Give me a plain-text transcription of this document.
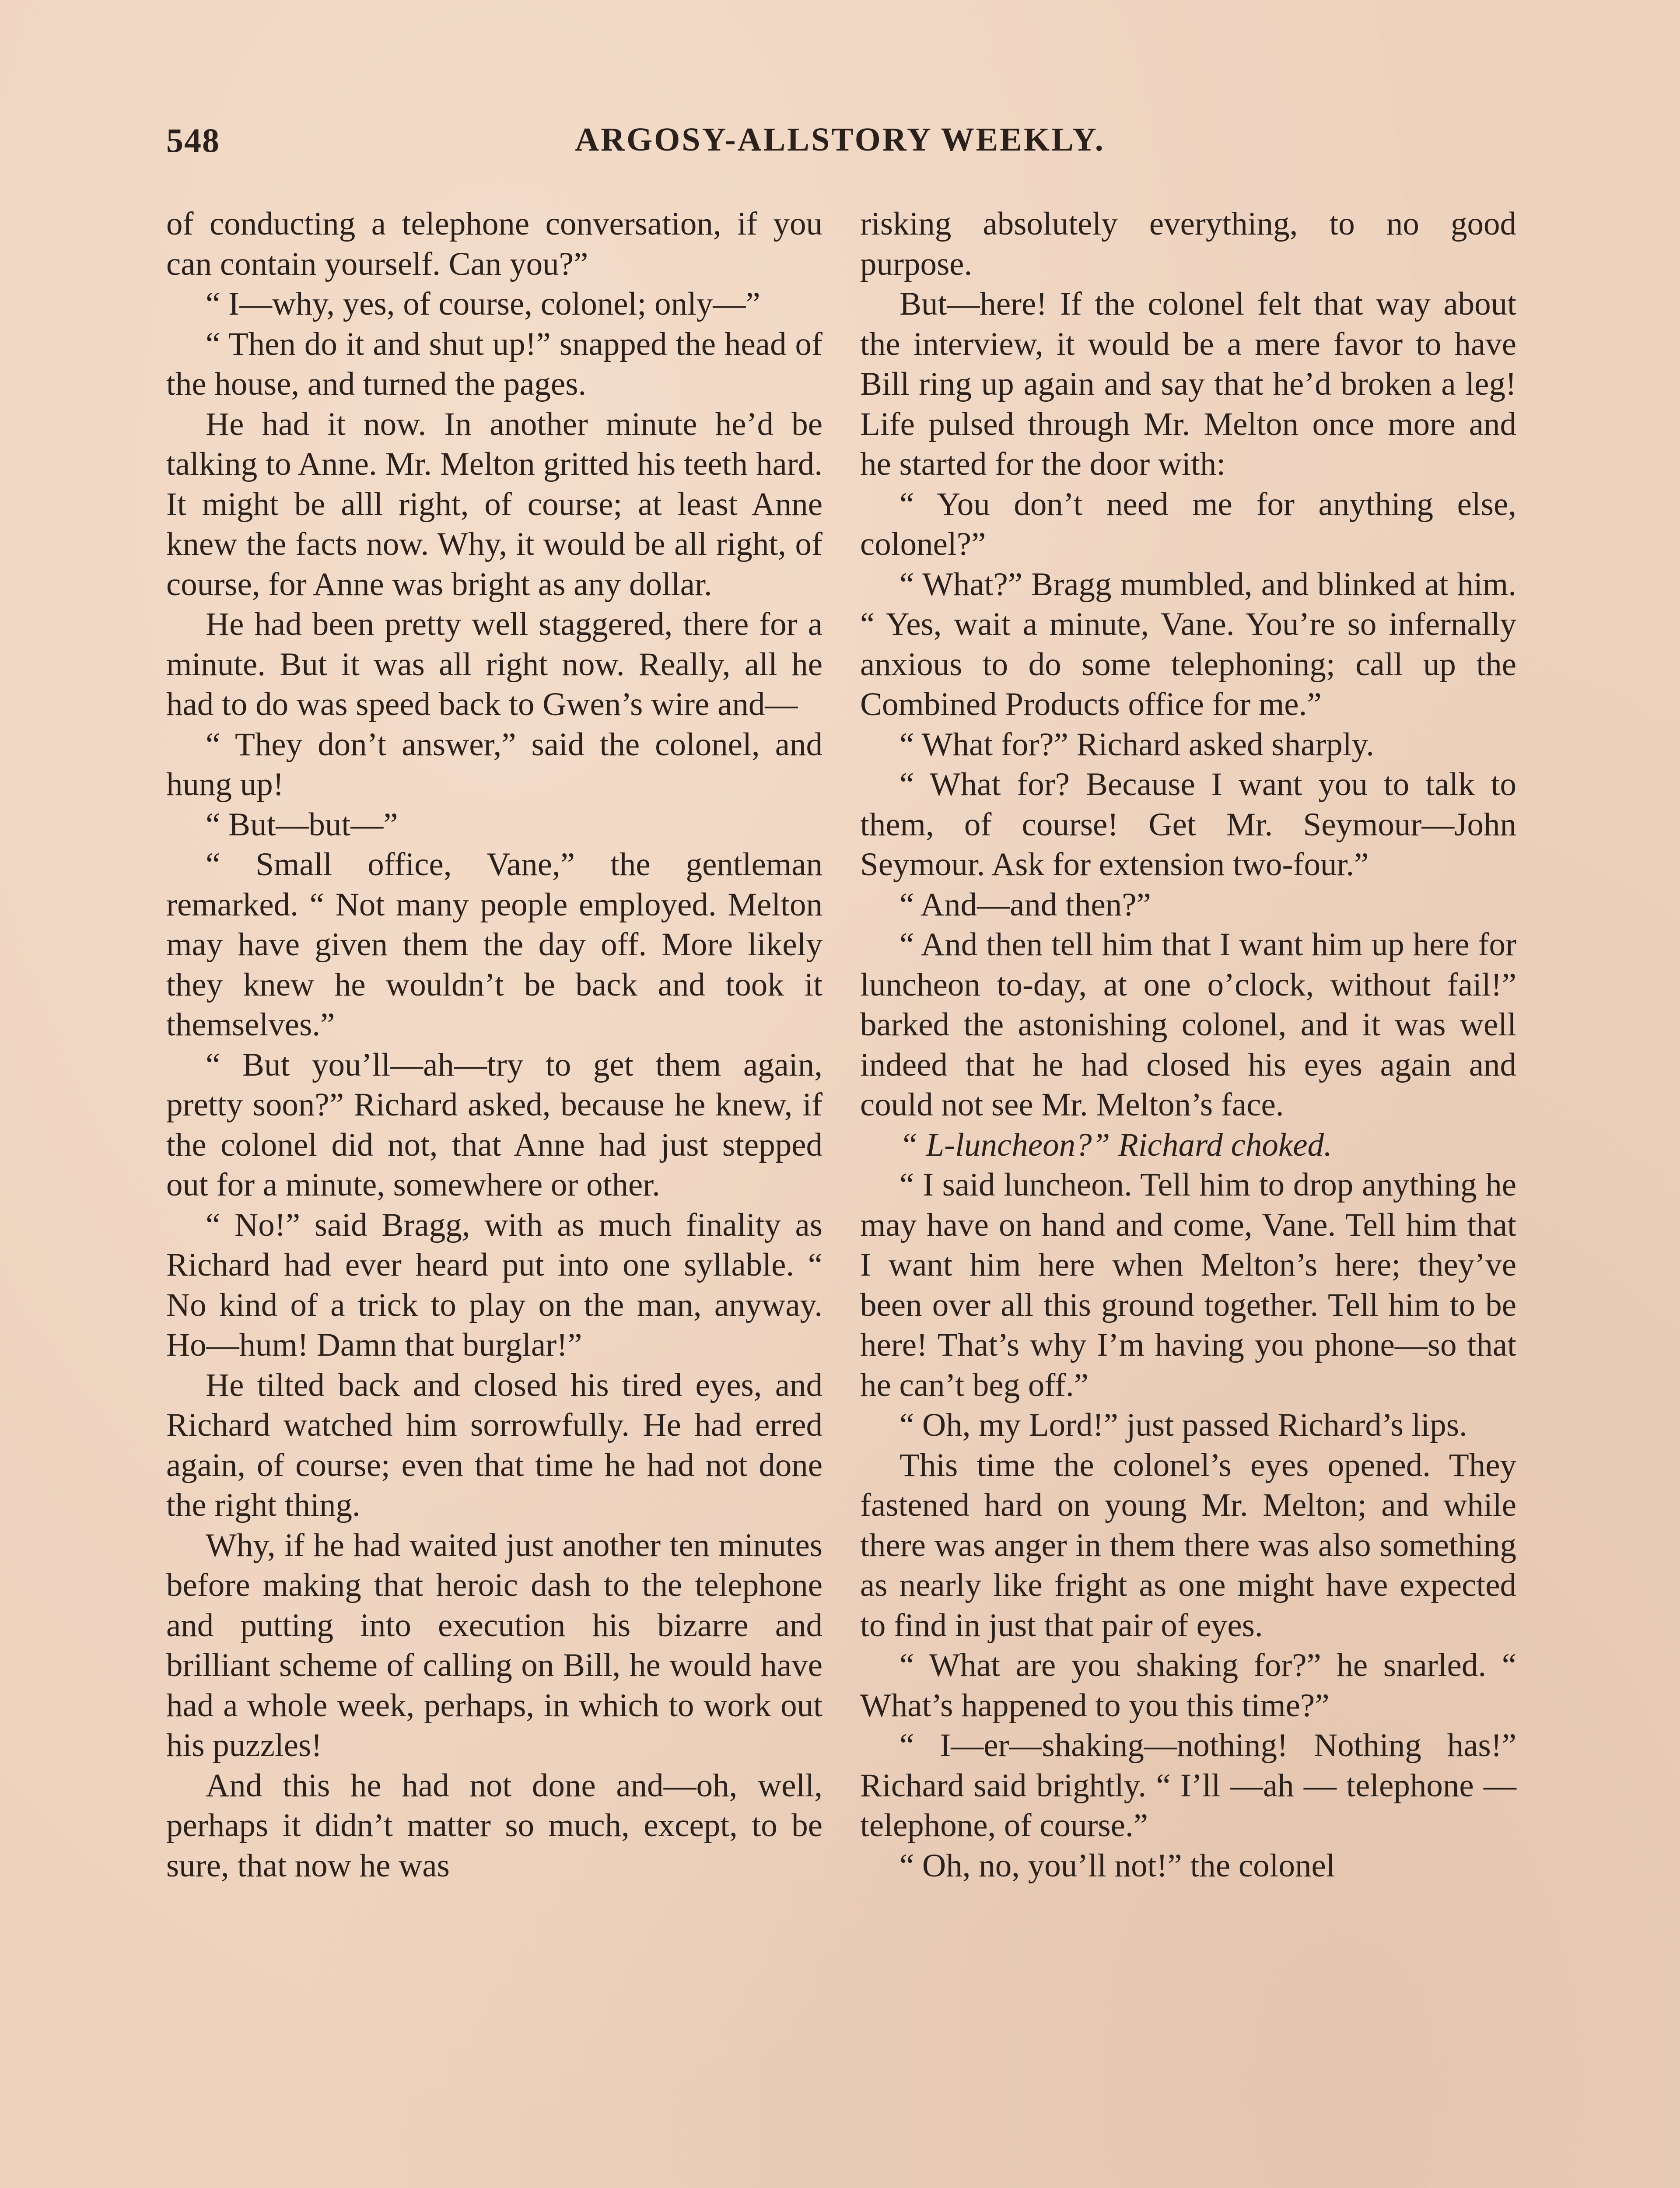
548	ARGOSY-ALLSTORY WEEKLY.

of conducting a telephone conversation, if you can contain yourself. Can you?”

“ I—why, yes, of course, colonel; only—”

“ Then do it and shut up!” snapped the head of the house, and turned the pages.

He had it now. In another minute he’d be talking to Anne. Mr. Melton gritted his teeth hard. It might be alll right, of course; at least Anne knew the facts now. Why, it would be all right, of course, for Anne was bright as any dollar.

He had been pretty well staggered, there for a minute. But it was all right now. Really, all he had to do was speed back to Gwen’s wire and—

“ They don’t answer,” said the colonel, and hung up!

“ But—but—”

“ Small office, Vane,” the gentleman remarked. “ Not many people employed. Melton may have given them the day off. More likely they knew he wouldn’t be back and took it themselves.”

“ But you’ll—ah—try to get them again, pretty soon?” Richard asked, because he knew, if the colonel did not, that Anne had just stepped out for a minute, somewhere or other.

“ No!” said Bragg, with as much finality as Richard had ever heard put into one syllable. “ No kind of a trick to play on the man, anyway. Ho—hum! Damn that burglar!”

He tilted back and closed his tired eyes, and Richard watched him sorrowfully. He had erred again, of course; even that time he had not done the right thing.

Why, if he had waited just another ten minutes before making that heroic dash to the telephone and putting into execution his bizarre and brilliant scheme of calling on Bill, he would have had a whole week, perhaps, in which to work out his puzzles!

And this he had not done and—oh, well, perhaps it didn’t matter so much, except, to be sure, that now he was

risking absolutely everything, to no good purpose.

But—here! If the colonel felt that way about the interview, it would be a mere favor to have Bill ring up again and say that he’d broken a leg! Life pulsed through Mr. Melton once more and he started for the door with:

“ You don’t need me for anything else, colonel?”

“ What?” Bragg mumbled, and blinked at him. “ Yes, wait a minute, Vane. You’re so infernally anxious to do some telephoning; call up the Combined Products office for me.”

“ What for?” Richard asked sharply.

“ What for? Because I want you to talk to them, of course! Get Mr. Seymour—John Seymour. Ask for extension two-four.”

“ And—and then?”

“ And then tell him that I want him up here for luncheon to-day, at one o’clock, without fail!” barked the astonishing colonel, and it was well indeed that he had closed his eyes again and could not see Mr. Melton’s face.

“ L-luncheon?” Richard choked.

“ I said luncheon. Tell him to drop anything he may have on hand and come, Vane. Tell him that I want him here when Melton’s here; they’ve been over all this ground together. Tell him to be here! That’s why I’m having you phone—so that he can’t beg off.”

“ Oh, my Lord!” just passed Richard’s lips.

This time the colonel’s eyes opened. They fastened hard on young Mr. Melton; and while there was anger in them there was also something as nearly like fright as one might have expected to find in just that pair of eyes.

“ What are you shaking for?” he snarled. “ What’s happened to you this time?”

“ I—er—shaking—nothing! Nothing has!” Richard said brightly. “ I’ll —ah — telephone — telephone, of course.”

“ Oh, no, you’ll not!” the colonel
